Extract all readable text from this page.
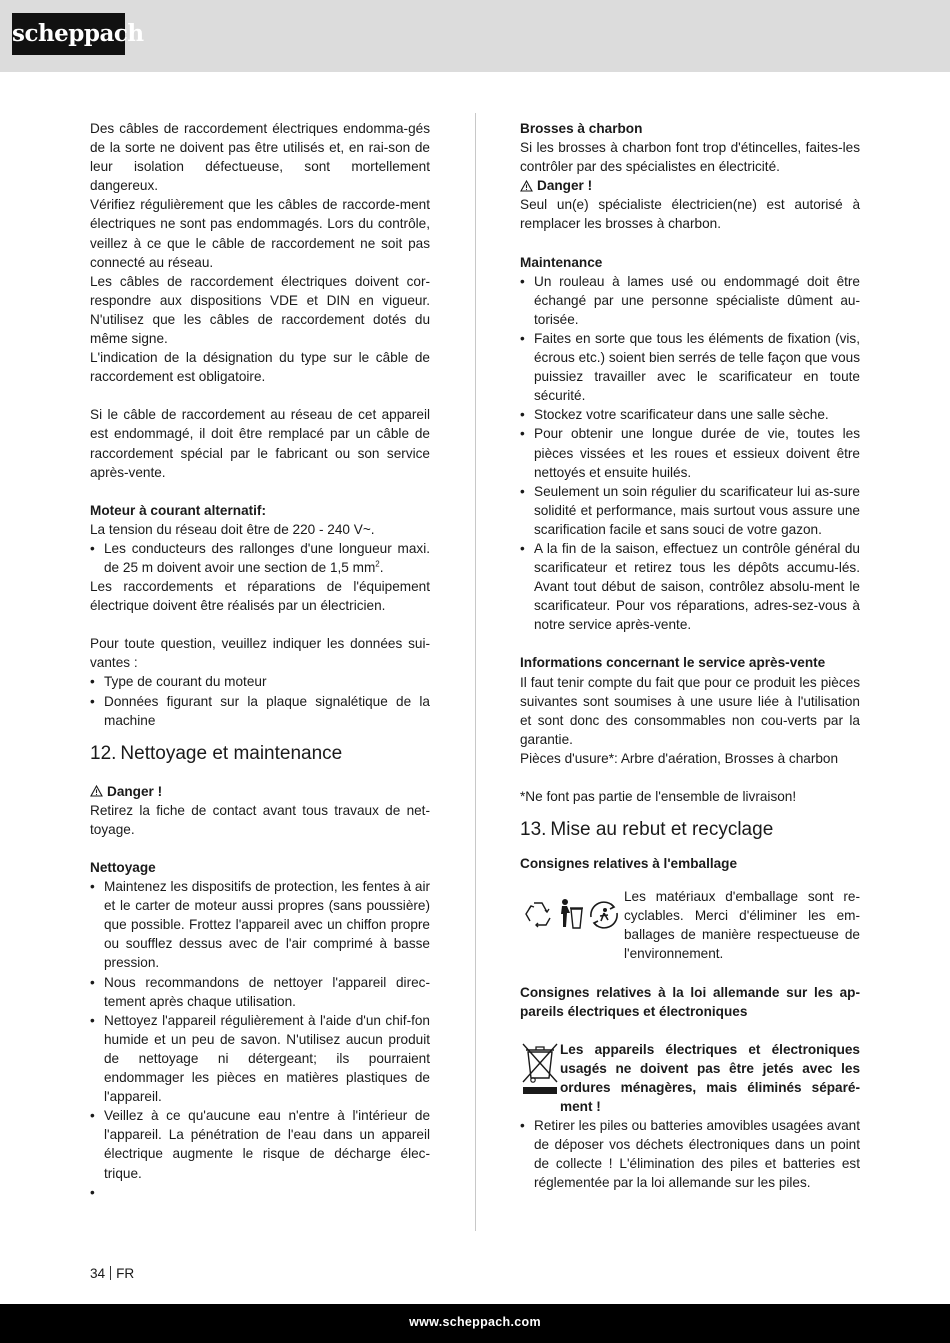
scheppach

Des câbles de raccordement électriques endomma-gés de la sorte ne doivent pas être utilisés et, en rai-son de leur isolation défectueuse, sont mortellement dangereux.

Vérifiez régulièrement que les câbles de raccorde-ment électriques ne sont pas endommagés. Lors du contrôle, veillez à ce que le câble de raccordement ne soit pas connecté au réseau.

Les câbles de raccordement électriques doivent cor-respondre aux dispositions VDE et DIN en vigueur. N'utilisez que les câbles de raccordement dotés du même signe.

L'indication de la désignation du type sur le câble de raccordement est obligatoire.

Si le câble de raccordement au réseau de cet appareil est endommagé, il doit être remplacé par un câble de raccordement spécial par le fabricant ou son service après-vente.

Moteur à courant alternatif:

La tension du réseau doit être de 220 - 240 V~.

• Les conducteurs des rallonges d'une longueur maxi. de 25 m doivent avoir une section de 1,5 $mm^2$.

Les raccordements et réparations de l'équipement électrique doivent être réalisés par un électricien.

Pour toute question, veuillez indiquer les données sui-vantes :

• Type de courant du moteur
• Données figurant sur la plaque signalétique de la machine
12. Nettoyage et maintenance

Danger !

Retirez la fiche de contact avant tous travaux de net-toyage.

Nettoyage

• Maintenez les dispositifs de protection, les fentes à air et le carter de moteur aussi propres (sans poussière) que possible. Frottez l'appareil avec un chiffon propre ou soufflez dessus avec de l'air comprimé à basse pression.
• Nous recommandons de nettoyer l'appareil direc-tement après chaque utilisation.
• Nettoyez l'appareil régulièrement à l'aide d'un chif-fon humide et un peu de savon. N'utilisez aucun produit de nettoyage ni détergeant; ils pourraient endommager les pièces en matières plastiques de l'appareil.
• Veillez à ce qu'aucune eau n'entre à l'intérieur de l'appareil. La pénétration de l'eau dans un appareil électrique augmente le risque de décharge élec-trique.
•

Brosses à charbon

Si les brosses à charbon font trop d'étincelles, faites-les contrôler par des spécialistes en électricité.

Danger !

Seul un(e) spécialiste électricien(ne) est autorisé à remplacer les brosses à charbon.

Maintenance

• Un rouleau à lames usé ou endommagé doit être échangé par une personne spécialiste dûment au-torisée.
• Faites en sorte que tous les éléments de fixation (vis, écrous etc.) soient bien serrés de telle façon que vous puissiez travailler avec le scarificateur en toute sécurité.
• Stockez votre scarificateur dans une salle sèche.
• Pour obtenir une longue durée de vie, toutes les pièces vissées et les roues et essieux doivent être nettoyés et ensuite huilés.
• Seulement un soin régulier du scarificateur lui as-sure solidité et performance, mais surtout vous assure une scarification facile et sans souci de votre gazon.
• A la fin de la saison, effectuez un contrôle général du scarificateur et retirez tous les dépôts accumu-lés. Avant tout début de saison, contrôlez absolu-ment le scarificateur. Pour vos réparations, adres-sez-vous à notre service après-vente.

Informations concernant le service après-vente

Il faut tenir compte du fait que pour ce produit les pièces suivantes sont soumises à une usure liée à l'utilisation et sont donc des consommables non cou-verts par la garantie.

Pièces d'usure*: Arbre d'aération, Brosses à charbon

*Ne font pas partie de l'ensemble de livraison!

13. Mise au rebut et recyclage

Consignes relatives à l'emballage

Les matériaux d'emballage sont re-cyclables. Merci d'éliminer les em-ballages de manière respectueuse de l'environnement.

Consignes relatives à la loi allemande sur les ap-pareils électriques et électroniques

Les appareils électriques et électroniques usagés ne doivent pas être jetés avec les ordures ménagères, mais éliminés séparé-ment !
• Retirer les piles ou batteries amovibles usagées avant de déposer vos déchets électroniques dans un point de collecte ! L'élimination des piles et batteries est réglementée par la loi allemande sur les piles.
34 FR
www.scheppach.com
